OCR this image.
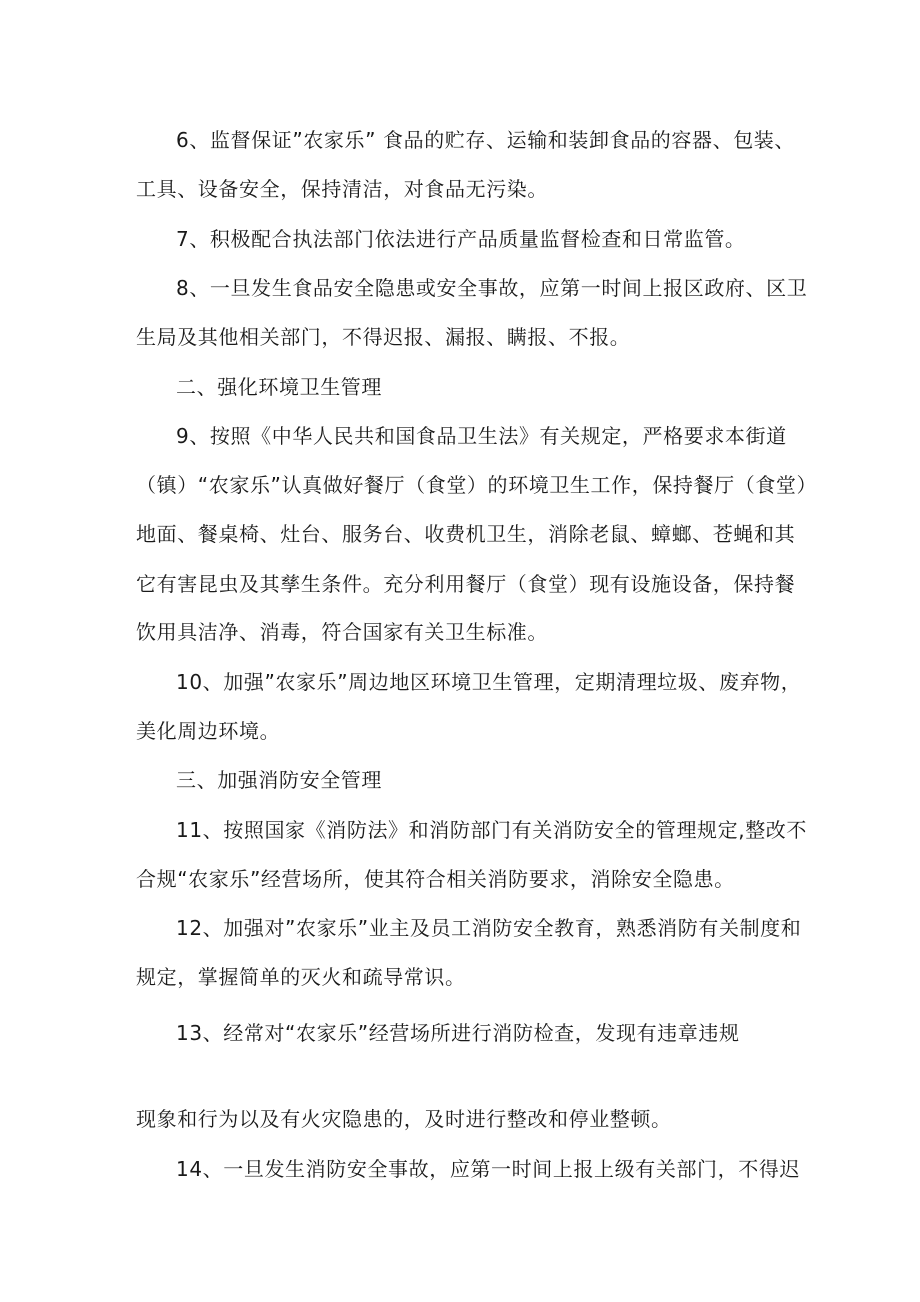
6、监督保证”农家乐” 食品的贮存、运输和装卸食品的容器、包装、
工具、设备安全，保持清洁，对食品无污染。
7、积极配合执法部门依法进行产品质量监督检查和日常监管。
8、一旦发生食品安全隐患或安全事故，应第一时间上报区政府、区卫
生局及其他相关部门，不得迟报、漏报、瞒报、不报。
二、强化环境卫生管理
9、按照《中华人民共和国食品卫生法》有关规定，严格要求本街道
（镇）“农家乐”认真做好餐厅（食堂）的环境卫生工作，保持餐厅（食堂）
地面、餐桌椅、灶台、服务台、收费机卫生，消除老鼠、蟑螂、苍蝇和其
它有害昆虫及其孳生条件。充分利用餐厅（食堂）现有设施设备，保持餐
饮用具洁净、消毒，符合国家有关卫生标准。
10、加强”农家乐”周边地区环境卫生管理，定期清理垃圾、废弃物，
美化周边环境。
三、加强消防安全管理
11、按照国家《消防法》和消防部门有关消防安全的管理规定,整改不
合规“农家乐”经营场所，使其符合相关消防要求，消除安全隐患。
12、加强对”农家乐”业主及员工消防安全教育，熟悉消防有关制度和
规定，掌握简单的灭火和疏导常识。
13、经常对“农家乐”经营场所进行消防检查，发现有违章违规
现象和行为以及有火灾隐患的，及时进行整改和停业整顿。
14、一旦发生消防安全事故，应第一时间上报上级有关部门，不得迟
